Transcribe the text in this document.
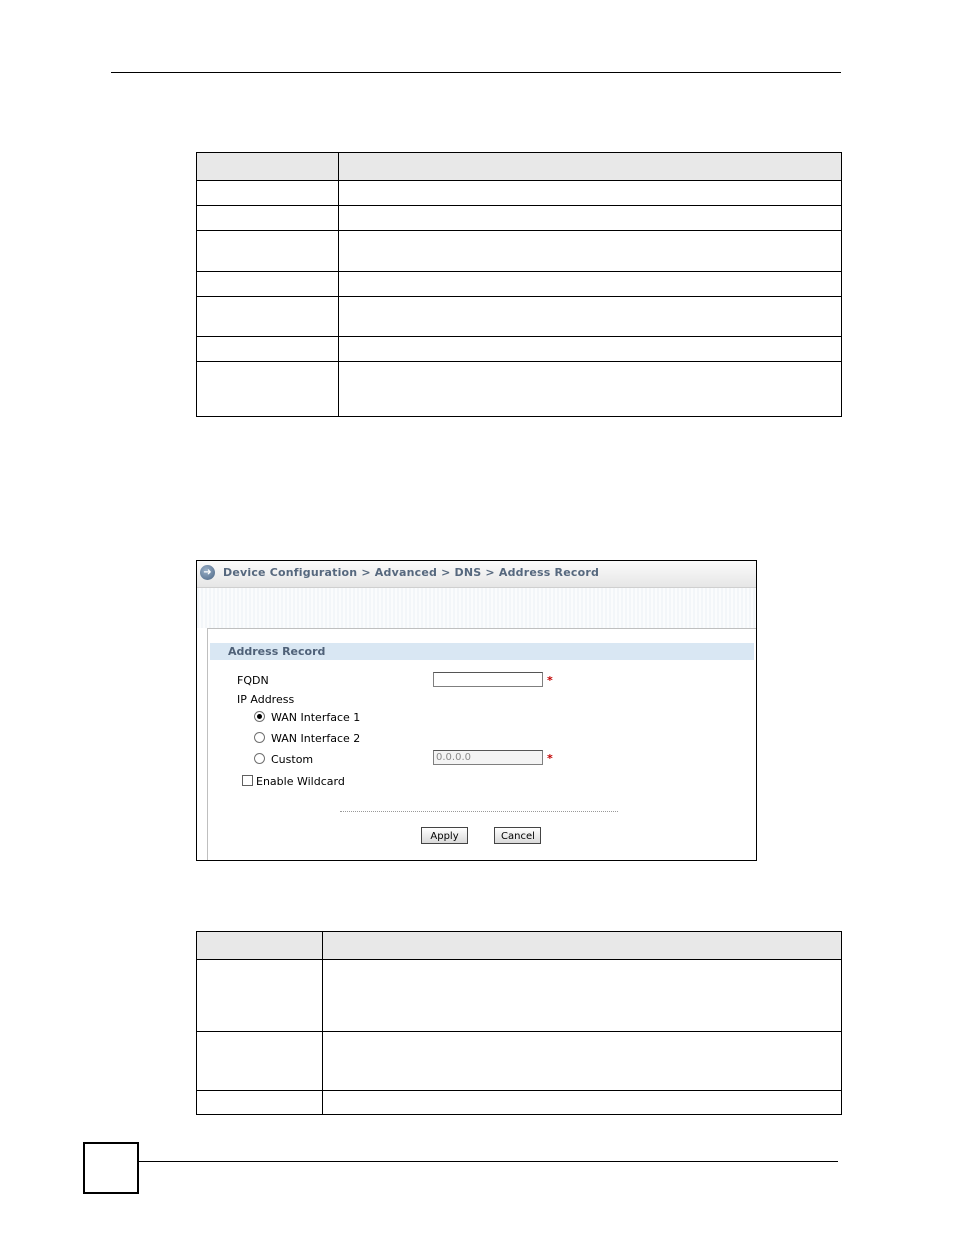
➜	Device Configuration > Advanced > DNS > Address Record
Address Record
FQDN	*
IP Address
WAN Interface 1
WAN Interface 2
Custom
0.0.0.0	*
Enable Wildcard
Apply	Cancel
